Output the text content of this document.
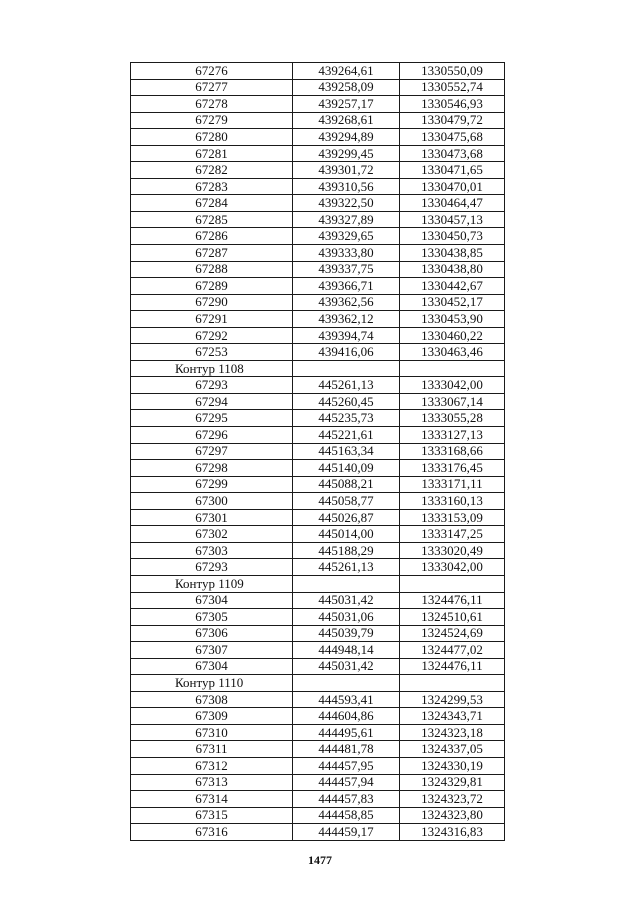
67276	439264,61	1330550,09
67277	439258,09	1330552,74
67278	439257,17	1330546,93
67279	439268,61	1330479,72
67280	439294,89	1330475,68
67281	439299,45	1330473,68
67282	439301,72	1330471,65
67283	439310,56	1330470,01
67284	439322,50	1330464,47
67285	439327,89	1330457,13
67286	439329,65	1330450,73
67287	439333,80	1330438,85
67288	439337,75	1330438,80
67289	439366,71	1330442,67
67290	439362,56	1330452,17
67291	439362,12	1330453,90
67292	439394,74	1330460,22
67253	439416,06	1330463,46
Контур 1108		
67293	445261,13	1333042,00
67294	445260,45	1333067,14
67295	445235,73	1333055,28
67296	445221,61	1333127,13
67297	445163,34	1333168,66
67298	445140,09	1333176,45
67299	445088,21	1333171,11
67300	445058,77	1333160,13
67301	445026,87	1333153,09
67302	445014,00	1333147,25
67303	445188,29	1333020,49
67293	445261,13	1333042,00
Контур 1109		
67304	445031,42	1324476,11
67305	445031,06	1324510,61
67306	445039,79	1324524,69
67307	444948,14	1324477,02
67304	445031,42	1324476,11
Контур 1110		
67308	444593,41	1324299,53
67309	444604,86	1324343,71
67310	444495,61	1324323,18
67311	444481,78	1324337,05
67312	444457,95	1324330,19
67313	444457,94	1324329,81
67314	444457,83	1324323,72
67315	444458,85	1324323,80
67316	444459,17	1324316,83
1477
